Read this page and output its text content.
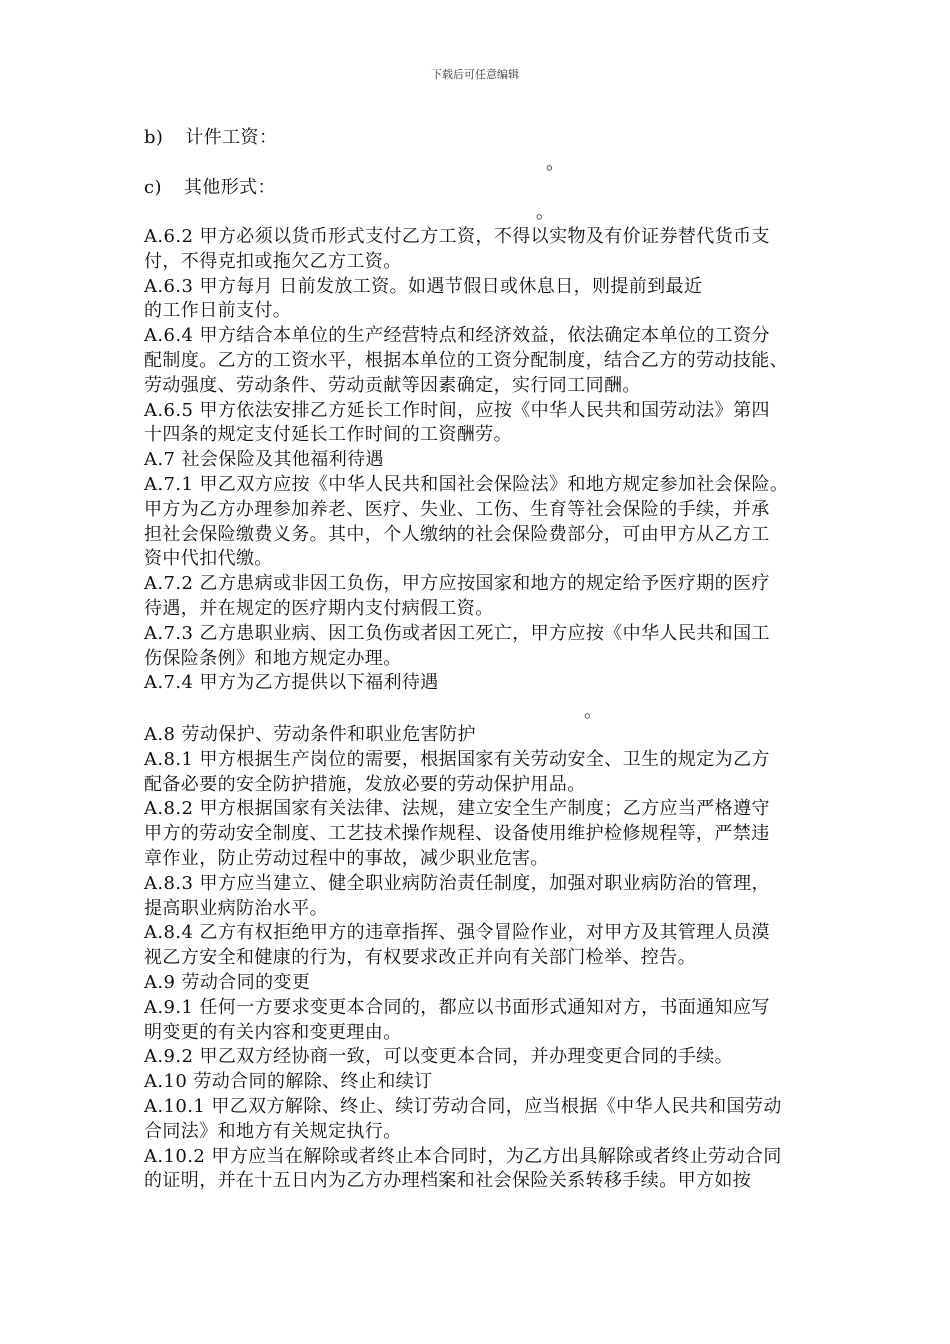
下载后可任意编辑
b) 计件工资：
。
c) 其他形式：
。
A.6.2 甲方必须以货币形式支付乙方工资，不得以实物及有价证券替代货币支
付，不得克扣或拖欠乙方工资。
A.6.3 甲方每月 日前发放工资。如遇节假日或休息日，则提前到最近
的工作日前支付。
A.6.4 甲方结合本单位的生产经营特点和经济效益，依法确定本单位的工资分
配制度。乙方的工资水平，根据本单位的工资分配制度，结合乙方的劳动技能、
劳动强度、劳动条件、劳动贡献等因素确定，实行同工同酬。
A.6.5 甲方依法安排乙方延长工作时间，应按《中华人民共和国劳动法》第四
十四条的规定支付延长工作时间的工资酬劳。
A.7 社会保险及其他福利待遇
A.7.1 甲乙双方应按《中华人民共和国社会保险法》和地方规定参加社会保险。
甲方为乙方办理参加养老、医疗、失业、工伤、生育等社会保险的手续，并承
担社会保险缴费义务。其中，个人缴纳的社会保险费部分，可由甲方从乙方工
资中代扣代缴。
A.7.2 乙方患病或非因工负伤，甲方应按国家和地方的规定给予医疗期的医疗
待遇，并在规定的医疗期内支付病假工资。
A.7.3 乙方患职业病、因工负伤或者因工死亡，甲方应按《中华人民共和国工
伤保险条例》和地方规定办理。
A.7.4 甲方为乙方提供以下福利待遇
A.8 劳动保护、劳动条件和职业危害防护
A.8.1 甲方根据生产岗位的需要，根据国家有关劳动安全、卫生的规定为乙方
配备必要的安全防护措施，发放必要的劳动保护用品。
A.8.2 甲方根据国家有关法律、法规，建立安全生产制度；乙方应当严格遵守
甲方的劳动安全制度、工艺技术操作规程、设备使用维护检修规程等，严禁违
章作业，防止劳动过程中的事故，减少职业危害。
A.8.3 甲方应当建立、健全职业病防治责任制度，加强对职业病防治的管理，
提高职业病防治水平。
A.8.4 乙方有权拒绝甲方的违章指挥、强令冒险作业，对甲方及其管理人员漠
视乙方安全和健康的行为，有权要求改正并向有关部门检举、控告。
A.9 劳动合同的变更
A.9.1 任何一方要求变更本合同的，都应以书面形式通知对方，书面通知应写
明变更的有关内容和变更理由。
A.9.2 甲乙双方经协商一致，可以变更本合同，并办理变更合同的手续。
A.10 劳动合同的解除、终止和续订
A.10.1 甲乙双方解除、终止、续订劳动合同，应当根据《中华人民共和国劳动
合同法》和地方有关规定执行。
A.10.2 甲方应当在解除或者终止本合同时，为乙方出具解除或者终止劳动合同
的证明，并在十五日内为乙方办理档案和社会保险关系转移手续。甲方如按
。
